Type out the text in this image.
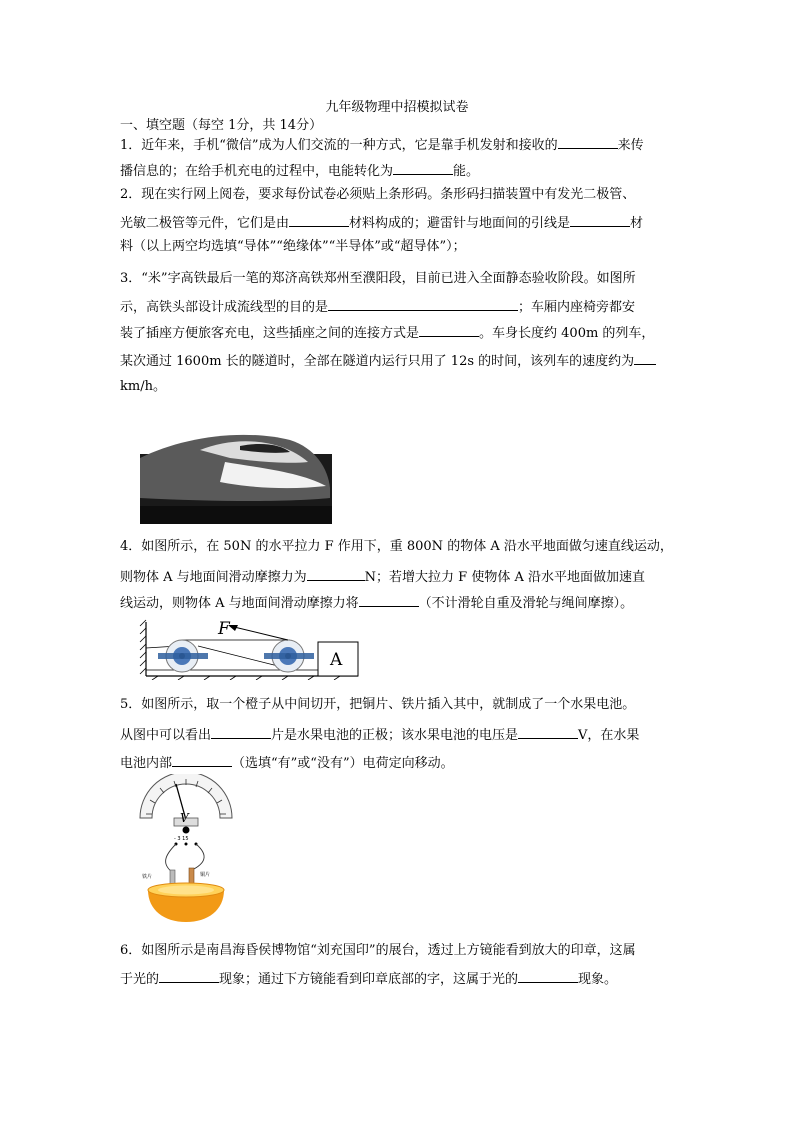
九年级物理中招模拟试卷
一、填空题（每空 1分，共 14分）
1．近年来，手机“微信”成为人们交流的一种方式，它是靠手机发射和接收的	来传
播信息的；在给手机充电的过程中，电能转化为	能。
2．现在实行网上阅卷，要求每份试卷必须贴上条形码。条形码扫描装置中有发光二极管、
光敏二极管等元件，它们是由	材料构成的；避雷针与地面间的引线是	材
料（以上两空均选填“导体”“绝缘体”“半导体”或“超导体”）；
3．“米”字高铁最后一笔的郑济高铁郑州至濮阳段，目前已进入全面静态验收阶段。如图所
示，高铁头部设计成流线型的目的是	；车厢内座椅旁都安
装了插座方便旅客充电，这些插座之间的连接方式是	。车身长度约 400m 的列车，
某次通过 1600m 长的隧道时，全部在隧道内运行只用了 12s 的时间，该列车的速度约为
km/h。
4．如图所示，在 50N 的水平拉力 F 作用下，重 800N 的物体 A 沿水平地面做匀速直线运动，
则物体 A 与地面间滑动摩擦力为	N；若增大拉力 F 使物体 A 沿水平地面做加速直
线运动，则物体 A 与地面间滑动摩擦力将	（不计滑轮自重及滑轮与绳间摩擦）。
F
A
5．如图所示，取一个橙子从中间切开，把铜片、铁片插入其中，就制成了一个水果电池。
从图中可以看出	片是水果电池的正极；该水果电池的电压是	V，在水果
电池内部	（选填“有”或“没有”）电荷定向移动。
V
- 3 15
铁片	铜片
6．如图所示是南昌海昏侯博物馆“刘充国印”的展台，透过上方镜能看到放大的印章，这属
于光的	现象；通过下方镜能看到印章底部的字，这属于光的	现象。
